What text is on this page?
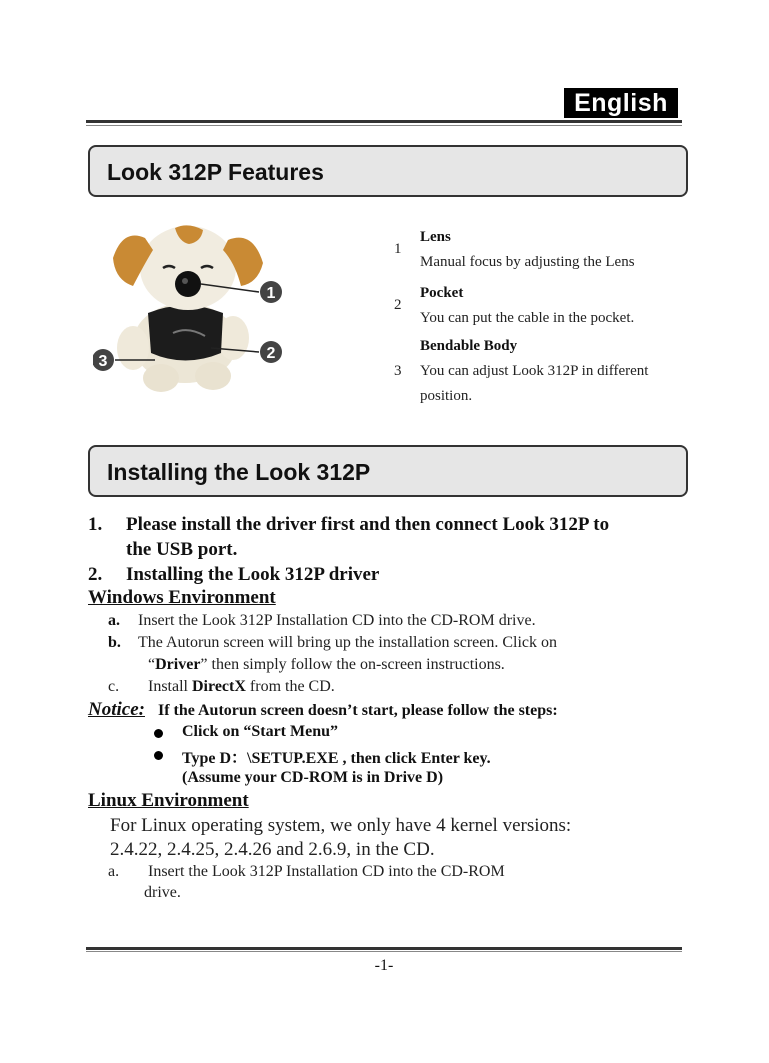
English
Look 312P Features
1
2
3
1
Lens
Manual focus by adjusting the Lens
2
Pocket
You can put the cable in the pocket.
Bendable Body
3 You can adjust Look 312P in different
position.
Installing the Look 312P
1. Please install the driver first and then connect Look 312P to
the USB port.
2. Installing the Look 312P driver
Windows Environment
a. Insert the Look 312P Installation CD into the CD-ROM drive.
b. The Autorun screen will bring up the installation screen. Click on
“Driver” then simply follow the on-screen instructions.
c. Install DirectX from the CD.
Notice: If the Autorun screen doesn’t start, please follow the steps:
Click on “Start Menu”
Type D：\SETUP.EXE , then click Enter key.
(Assume your CD-ROM is in Drive D)
Linux Environment
For Linux operating system, we only have 4 kernel versions:
2.4.22, 2.4.25, 2.4.26 and 2.6.9, in the CD.
a. Insert the Look 312P Installation CD into the CD-ROM
drive.
-1-
